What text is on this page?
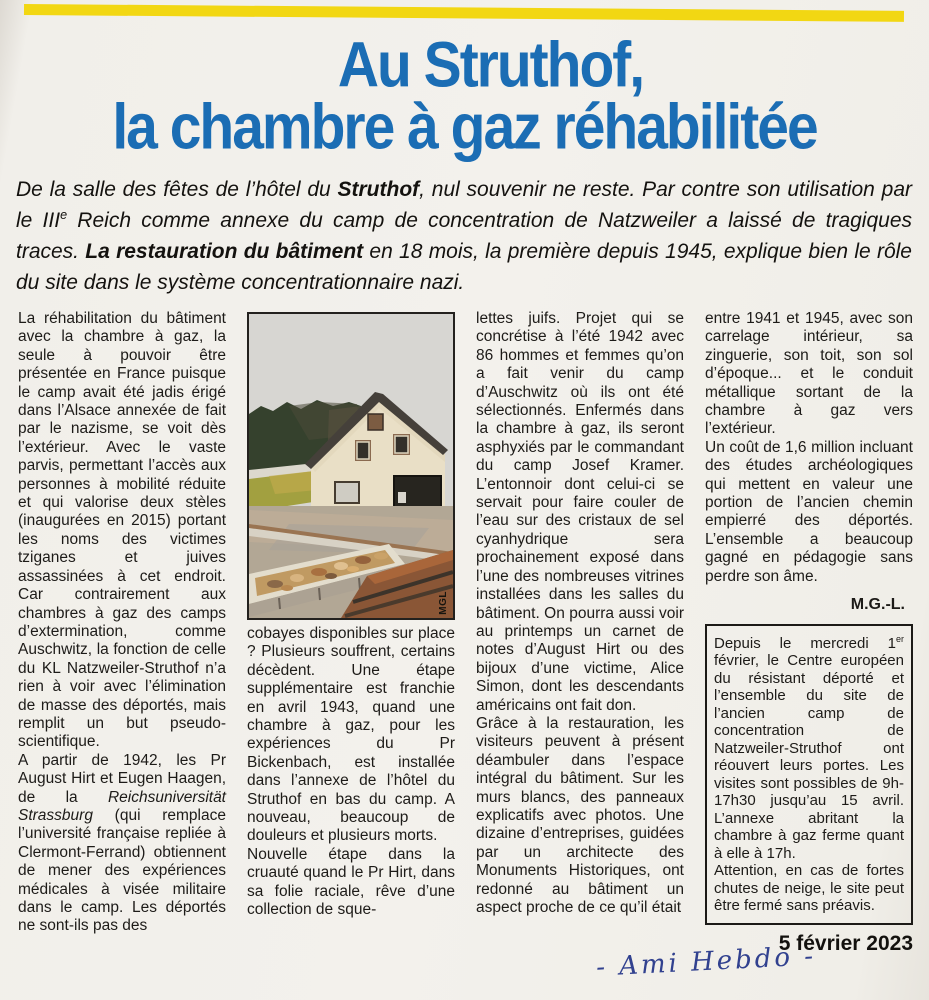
Au Struthof,
la chambre à gaz réhabilitée

De la salle des fêtes de l’hôtel du Struthof, nul souvenir ne reste. Par contre son utilisation par le IIIe Reich comme annexe du camp de concentration de Natzweiler a laissé de tragiques traces. La restauration du bâtiment en 18 mois, la première depuis 1945, explique bien le rôle du site dans le système concentrationnaire nazi.

La réhabilitation du bâtiment avec la chambre à gaz, la seule à pouvoir être présentée en France puisque le camp avait été jadis érigé dans l’Alsace annexée de fait par le nazisme, se voit dès l’extérieur. Avec le vaste parvis, permettant l’accès aux personnes à mobilité réduite et qui valorise deux stèles (inaugurées en 2015) portant les noms des victimes tziganes et juives assassinées à cet endroit. Car contrairement aux chambres à gaz des camps d’extermination, comme Auschwitz, la fonction de celle du KL Natzweiler-Struthof n’a rien à voir avec l’élimination de masse des déportés, mais remplit un but pseudo-scientifique.

A partir de 1942, les Pr August Hirt et Eugen Haagen, de la Reichsuniversität Strassburg (qui remplace l’université française repliée à Clermont-Ferrand) obtiennent de mener des expériences médicales à visée militaire dans le camp. Les déportés ne sont-ils pas des

MGL

cobayes disponibles sur place ? Plusieurs souffrent, certains décèdent. Une étape supplémentaire est franchie en avril 1943, quand une chambre à gaz, pour les expériences du Pr Bickenbach, est installée dans l’annexe de l’hôtel du Struthof en bas du camp. A nouveau, beaucoup de douleurs et plusieurs morts.

Nouvelle étape dans la cruauté quand le Pr Hirt, dans sa folie raciale, rêve d’une collection de sque-

lettes juifs. Projet qui se concrétise à l’été 1942 avec 86 hommes et femmes qu’on a fait venir du camp d’Auschwitz où ils ont été sélectionnés. Enfermés dans la chambre à gaz, ils seront asphyxiés par le commandant du camp Josef Kramer. L’entonnoir dont celui-ci se servait pour faire couler de l’eau sur des cristaux de sel cyanhydrique sera prochainement exposé dans l’une des nombreuses vitrines installées dans les salles du bâtiment. On pourra aussi voir au printemps un carnet de notes d’August Hirt ou des bijoux d’une victime, Alice Simon, dont les descendants américains ont fait don.

Grâce à la restauration, les visiteurs peuvent à présent déambuler dans l’espace intégral du bâtiment. Sur les murs blancs, des panneaux explicatifs avec photos. Une dizaine d’entreprises, guidées par un architecte des Monuments Historiques, ont redonné au bâtiment un aspect proche de ce qu’il était

entre 1941 et 1945, avec son carrelage intérieur, sa zinguerie, son toit, son sol d’époque... et le conduit métallique sortant de la chambre à gaz vers l’extérieur.

Un coût de 1,6 million incluant des études archéologiques qui mettent en valeur une portion de l’ancien chemin empierré des déportés. L’ensemble a beaucoup gagné en pédagogie sans perdre son âme.

M.G.-L.

Depuis le mercredi 1er février, le Centre européen du résistant déporté et l’ensemble du site de l’ancien camp de concentration de Natzweiler-Struthof ont réouvert leurs portes. Les visites sont possibles de 9h-17h30 jusqu’au 15 avril. L’annexe abritant la chambre à gaz ferme quant à elle à 17h.

Attention, en cas de fortes chutes de neige, le site peut être fermé sans préavis.

5 février 2023
- Ami Hebdo -
